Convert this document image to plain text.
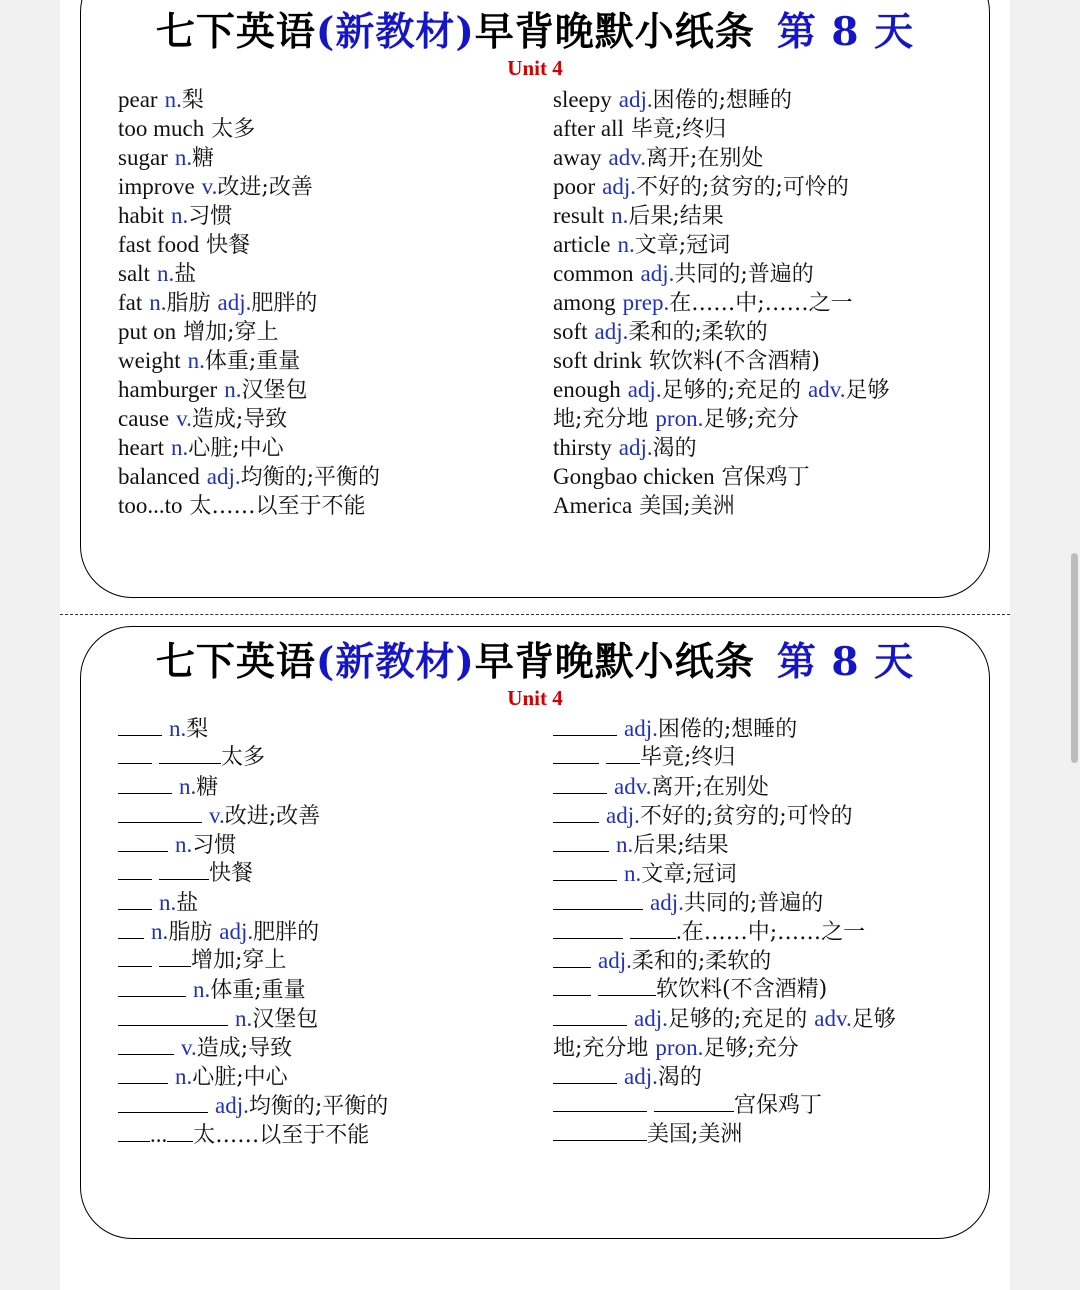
七下英语(新教材)早背晚默小纸条 第 8 天
Unit 4
pear n.梨
too much 太多
sugar n.糖
improve v.改进;改善
habit n.习惯
fast food 快餐
salt n.盐
fat n.脂肪 adj.肥胖的
put on 增加;穿上
weight n.体重;重量
hamburger n.汉堡包
cause v.造成;导致
heart n.心脏;中心
balanced adj.均衡的;平衡的
too...to 太……以至于不能
sleepy adj.困倦的;想睡的
after all 毕竟;终归
away adv.离开;在别处
poor adj.不好的;贫穷的;可怜的
result n.后果;结果
article n.文章;冠词
common adj.共同的;普遍的
among prep.在……中;……之一
soft adj.柔和的;柔软的
soft drink 软饮料(不含酒精)
enough adj.足够的;充足的 adv.足够
地;充分地 pron.足够;充分
thirsty adj.渴的
Gongbao chicken 宫保鸡丁
America 美国;美洲
七下英语(新教材)早背晚默小纸条 第 8 天
Unit 4
n.梨
太多
n.糖
v.改进;改善
n.习惯
快餐
n.盐
n.脂肪 adj.肥胖的
增加;穿上
n.体重;重量
n.汉堡包
v.造成;导致
n.心脏;中心
adj.均衡的;平衡的
... 太……以至于不能
adj.困倦的;想睡的
毕竟;终归
adv.离开;在别处
adj.不好的;贫穷的;可怜的
n.后果;结果
n.文章;冠词
adj.共同的;普遍的
.在……中;……之一
adj.柔和的;柔软的
软饮料(不含酒精)
adj.足够的;充足的 adv.足够
地;充分地 pron.足够;充分
adj.渴的
宫保鸡丁
美国;美洲
